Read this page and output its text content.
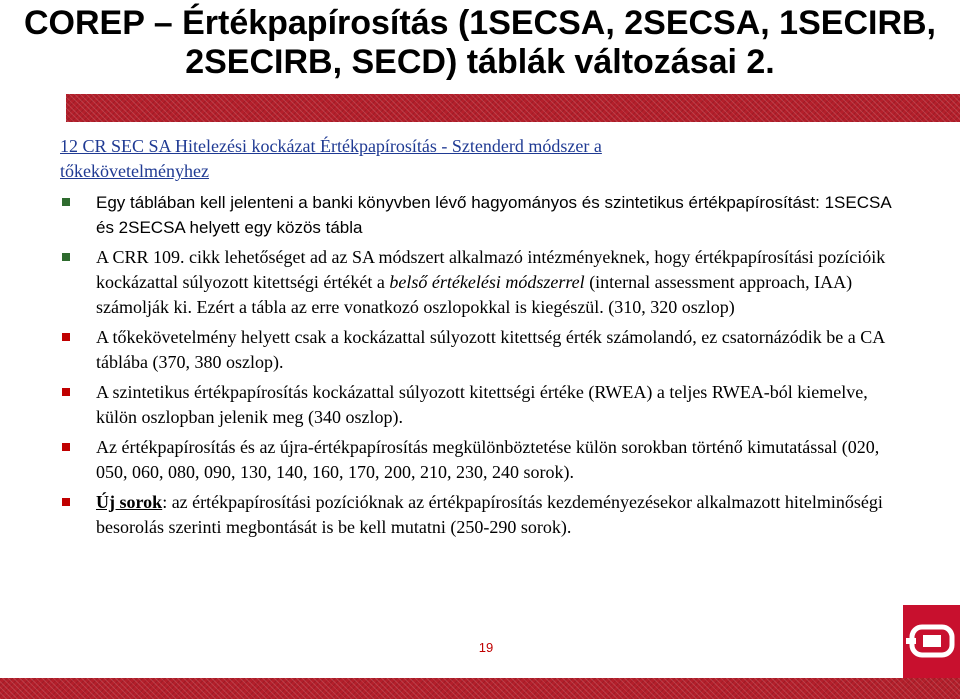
COREP – Értékpapírosítás (1SECSA, 2SECSA, 1SECIRB,
2SECIRB, SECD) táblák változásai 2.
12 CR SEC SA Hitelezési kockázat Értékpapírosítás - Sztenderd módszer a
tőkekövetelményhez
Egy táblában kell jelenteni a banki könyvben lévő hagyományos és szintetikus értékpapírosítást: 1SECSA és 2SECSA helyett egy közös tábla
A CRR 109. cikk lehetőséget ad az SA módszert alkalmazó intézményeknek, hogy értékpapírosítási pozícióik kockázattal súlyozott kitettségi értékét a belső értékelési módszerrel (internal assessment approach, IAA) számolják ki. Ezért a tábla az erre vonatkozó oszlopokkal is kiegészül. (310, 320 oszlop)
A tőkekövetelmény helyett csak a kockázattal súlyozott kitettség érték számolandó, ez csatornázódik be a CA táblába (370, 380 oszlop).
A szintetikus értékpapírosítás kockázattal súlyozott kitettségi értéke (RWEA) a teljes RWEA-ból kiemelve, külön oszlopban jelenik meg (340 oszlop).
Az értékpapírosítás és az újra-értékpapírosítás megkülönböztetése külön sorokban történő kimutatással (020, 050, 060, 080, 090, 130, 140, 160, 170, 200, 210, 230, 240 sorok).
Új sorok: az értékpapírosítási pozícióknak az értékpapírosítás kezdeményezésekor alkalmazott hitelminőségi besorolás szerinti megbontását is be kell mutatni (250-290 sorok).
19
